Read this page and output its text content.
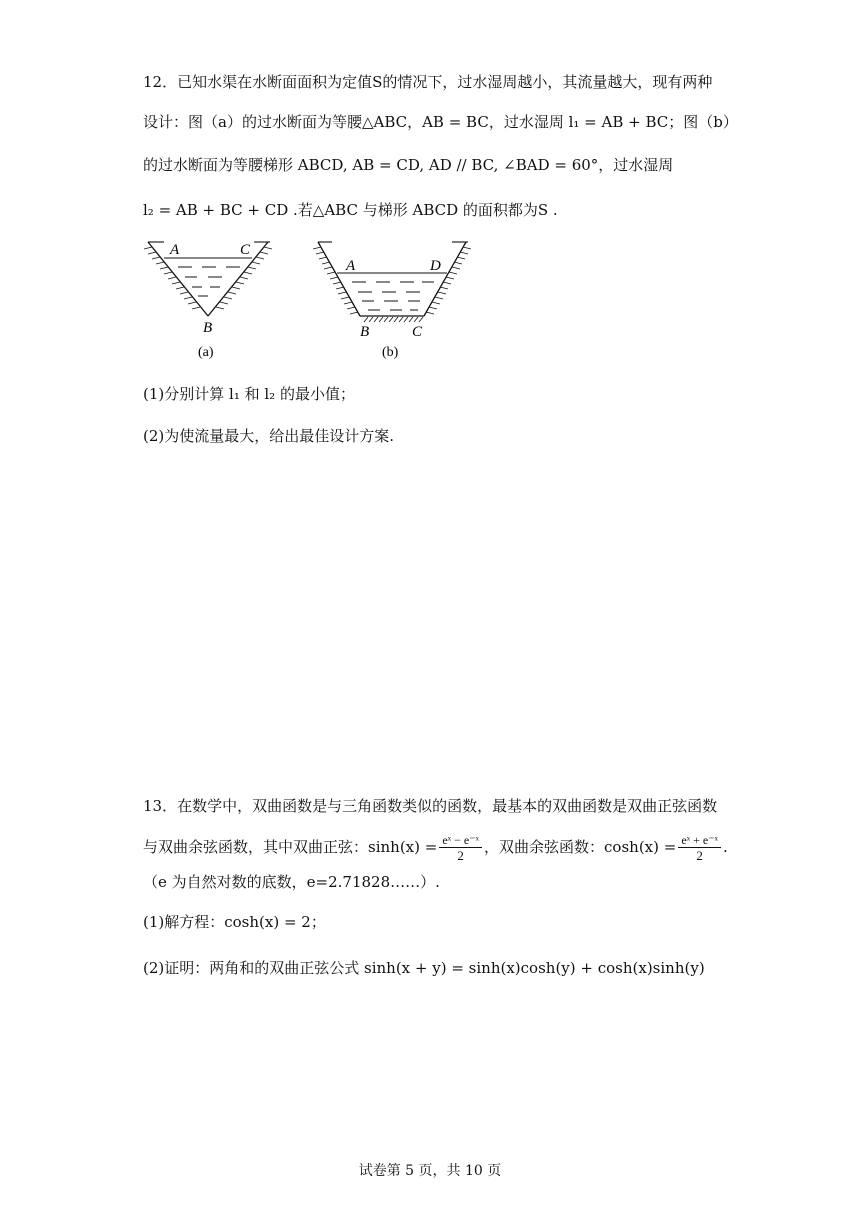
12．已知水渠在水断面面积为定值S的情况下，过水湿周越小，其流量越大，现有两种
设计：图（a）的过水断面为等腰△ABC，AB = BC，过水湿周 l₁ = AB + BC；图（b）
的过水断面为等腰梯形 ABCD, AB = CD, AD // BC, ∠BAD = 60°，过水湿周
l₂ = AB + BC + CD .若△ABC 与梯形 ABCD 的面积都为S .
A	C
B
(a)
A	D
B	C
(b)
(1)分别计算 l₁ 和 l₂ 的最小值；
(2)为使流量最大，给出最佳设计方案.
13．在数学中，双曲函数是与三角函数类似的函数，最基本的双曲函数是双曲正弦函数
与双曲余弦函数，其中双曲正弦：$\sinh(x) = \frac{\text{eˣ − e⁻ˣ}}{2}$ ，双曲余弦函数：$\cosh(x) = \frac{\text{eˣ + e⁻ˣ}}{2}$ .
（e 为自然对数的底数，e=2.71828……）.
(1)解方程：cosh(x) = 2；
(2)证明：两角和的双曲正弦公式 sinh(x + y) = sinh(x)cosh(y) + cosh(x)sinh(y)
试卷第 5 页，共 10 页
